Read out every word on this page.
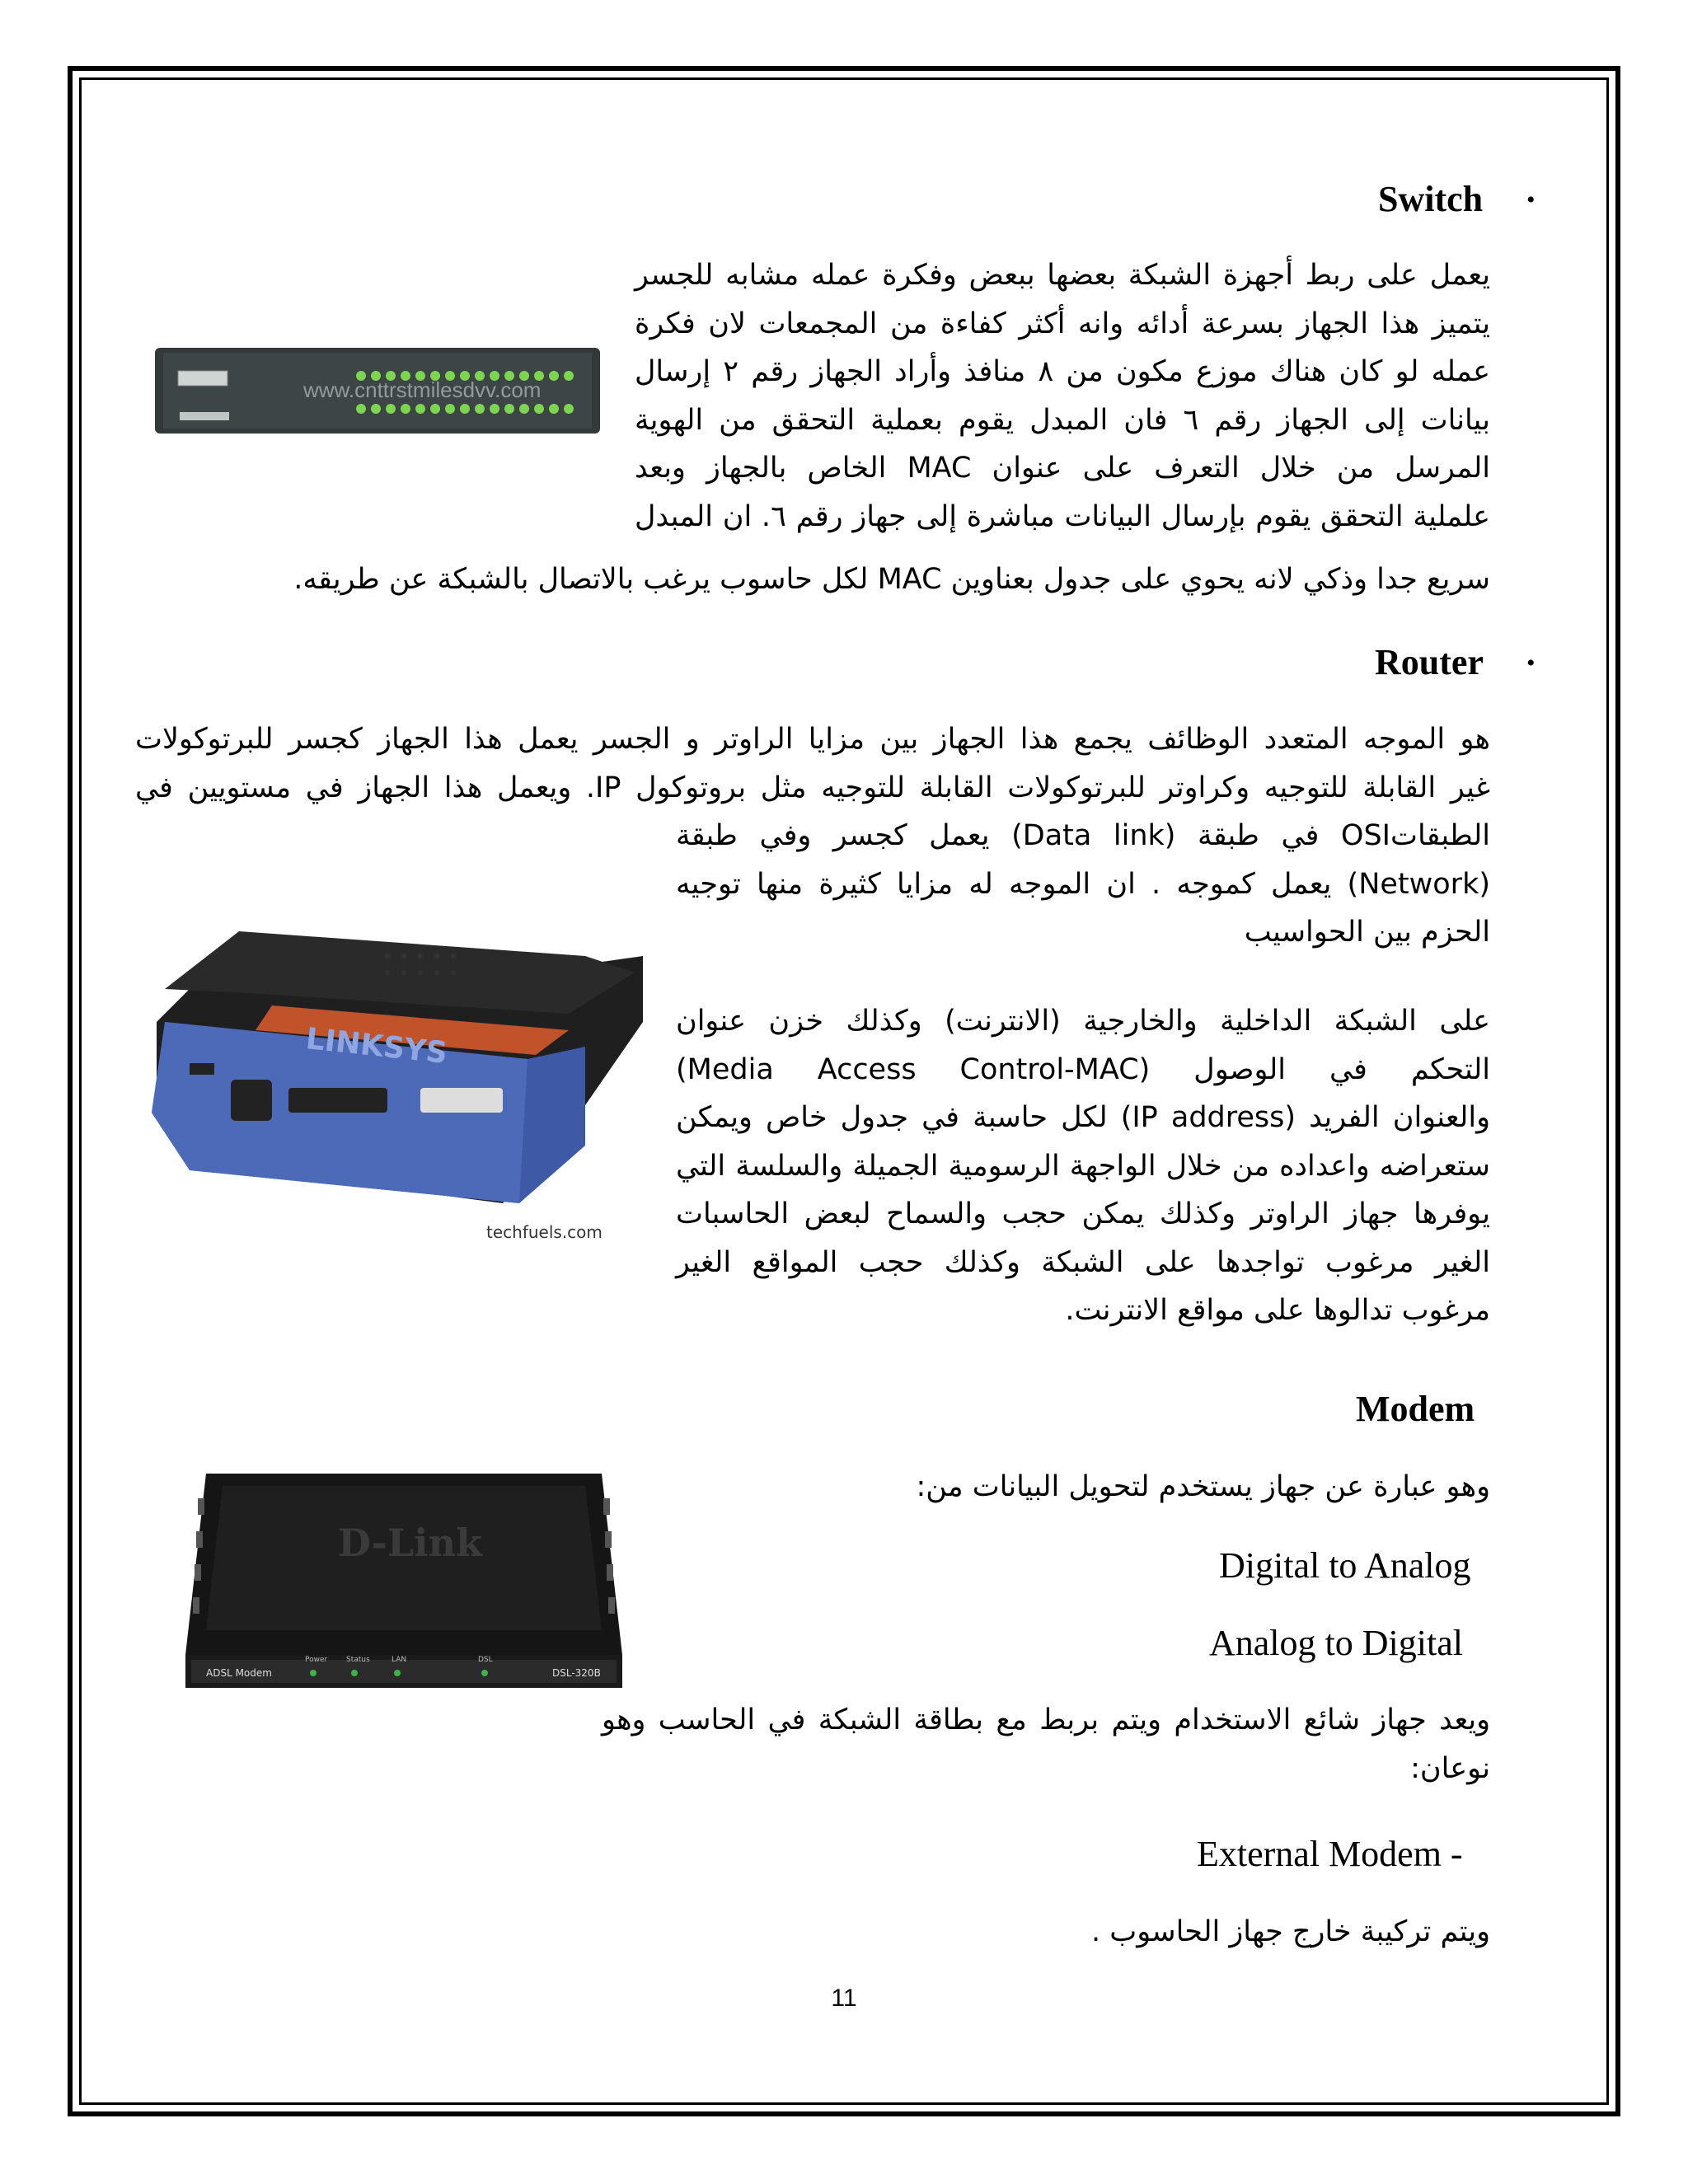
•
Switch

يعمل على ربط أجهزة الشبكة بعضها ببعض وفكرة عمله مشابه للجسر

يتميز هذا الجهاز بسرعة أدائه وانه أكثر كفاءة من المجمعات لان فكرة

عمله لو كان هناك موزع مكون من ٨ منافذ وأراد الجهاز رقم ٢ إرسال

بيانات إلى الجهاز رقم ٦ فان المبدل يقوم بعملية التحقق من الهوية

المرسل من خلال التعرف على عنوان MAC الخاص بالجهاز وبعد

علملية التحقق يقوم بإرسال البيانات مباشرة إلى جهاز رقم ٦. ان المبدل

سريع جدا وذكي لانه يحوي على جدول بعناوين MAC لكل حاسوب يرغب بالاتصال بالشبكة عن طريقه.

www.cnttrstmilesdvv.com
•
Router

هو الموجه المتعدد الوظائف يجمع هذا الجهاز بين مزايا الراوتر و الجسر يعمل هذا الجهاز كجسر للبرتوكولات

غير القابلة للتوجيه وكراوتر للبرتوكولات القابلة للتوجيه مثل بروتوكول IP. ويعمل هذا الجهاز في مستويين في

الطبقاتOSI في طبقة (Data link) يعمل كجسر وفي طبقة

(Network) يعمل كموجه . ان الموجه له مزايا كثيرة منها توجيه

الحزم بين الحواسيب

على الشبكة الداخلية والخارجية (الانترنت) وكذلك خزن عنوان

التحكم في الوصول (Media Access Control-MAC)

والعنوان الفريد (IP address) لكل حاسبة في جدول خاص ويمكن

ستعراضه واعداده من خلال الواجهة الرسومية الجميلة والسلسة التي

يوفرها جهاز الراوتر وكذلك يمكن حجب والسماح لبعض الحاسبات

الغير مرغوب تواجدها على الشبكة وكذلك حجب المواقع الغير

مرغوب تدالوها على مواقع الانترنت.

LINKSYS
techfuels.com
Modem

وهو عبارة عن جهاز يستخدم لتحويل البيانات من:

Digital to Analog
Analog to Digital

ويعد جهاز شائع الاستخدام ويتم بربط مع بطاقة الشبكة في الحاسب وهو

نوعان:

External Modem -

ويتم تركيبة خارج جهاز الحاسوب .

D-Link
ADSL Modem	DSL-320B
Power	Status	LAN	DSL
11
